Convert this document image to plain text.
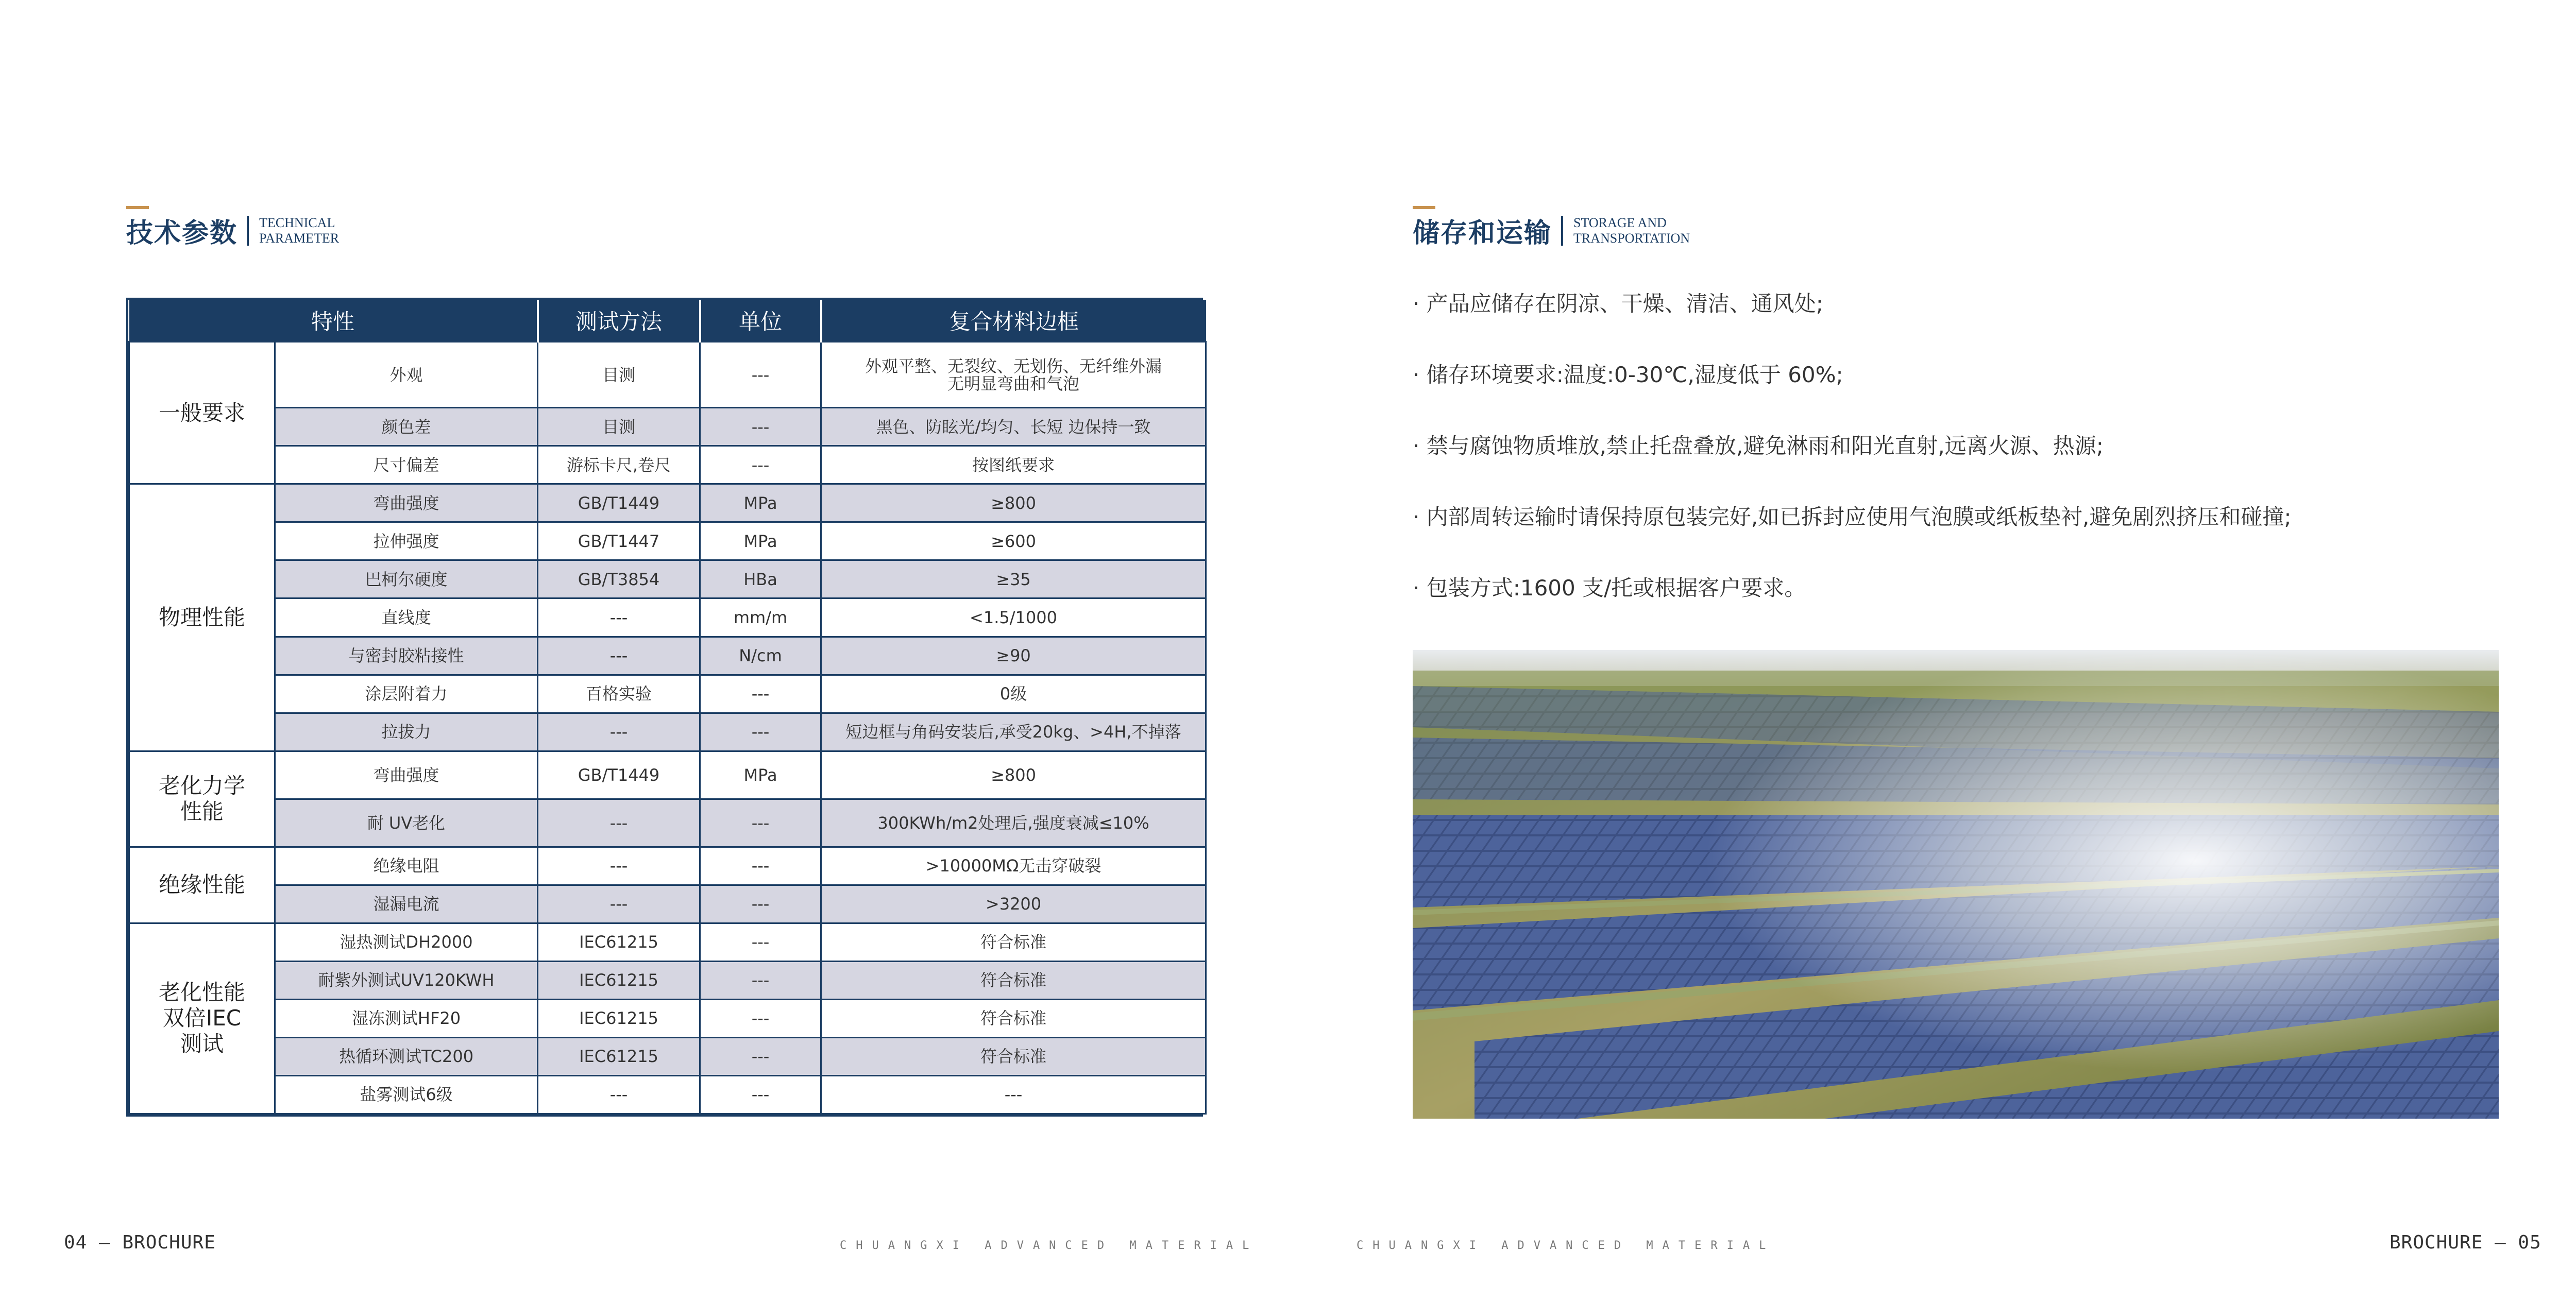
技术参数 TECHNICAL
PARAMETER
特性		测试方法	单位	复合材料边框
一般要求	外观	目测	---	外观平整、无裂纹、无划伤、无纤维外漏
无明显弯曲和气泡
	颜色差	目测	---	黑色、防眩光/均匀、长短 边保持一致
	尺寸偏差	游标卡尺,卷尺	---	按图纸要求
物理性能	弯曲强度	GB/T1449	MPa	≥800
	拉伸强度	GB/T1447	MPa	≥600
	巴柯尔硬度	GB/T3854	HBa	≥35
	直线度	---	mm/m	<1.5/1000
	与密封胶粘接性	---	N/cm	≥90
	涂层附着力	百格实验	---	0级
	拉拔力	---	---	短边框与角码安装后,承受20kg、>4H,不掉落
老化力学
性能	弯曲强度	GB/T1449	MPa	≥800
	耐 UV老化	---	---	300KWh/m2处理后,强度衰减≤10%
绝缘性能	绝缘电阻	---	---	>10000MΩ无击穿破裂
	湿漏电流	---	---	>3200
老化性能
双倍IEC
测试	湿热测试DH2000	IEC61215	---	符合标准
	耐紫外测试UV120KWH	IEC61215	---	符合标准
	湿冻测试HF20	IEC61215	---	符合标准
	热循环测试TC200	IEC61215	---	符合标准
	盐雾测试6级	---	---	---
04 — BROCHURE	CHUANGXI ADVANCED MATERIAL
储存和运输 STORAGE AND
TRANSPORTATION
· 产品应储存在阴凉、干燥、清洁、通风处;
· 储存环境要求:温度:0-30℃,湿度低于 60%;
· 禁与腐蚀物质堆放,禁止托盘叠放,避免淋雨和阳光直射,远离火源、热源;
· 内部周转运输时请保持原包装完好,如已拆封应使用气泡膜或纸板垫衬,避免剧烈挤压和碰撞;
· 包装方式:1600 支/托或根据客户要求。
CHUANGXI ADVANCED MATERIAL	BROCHURE — 05
